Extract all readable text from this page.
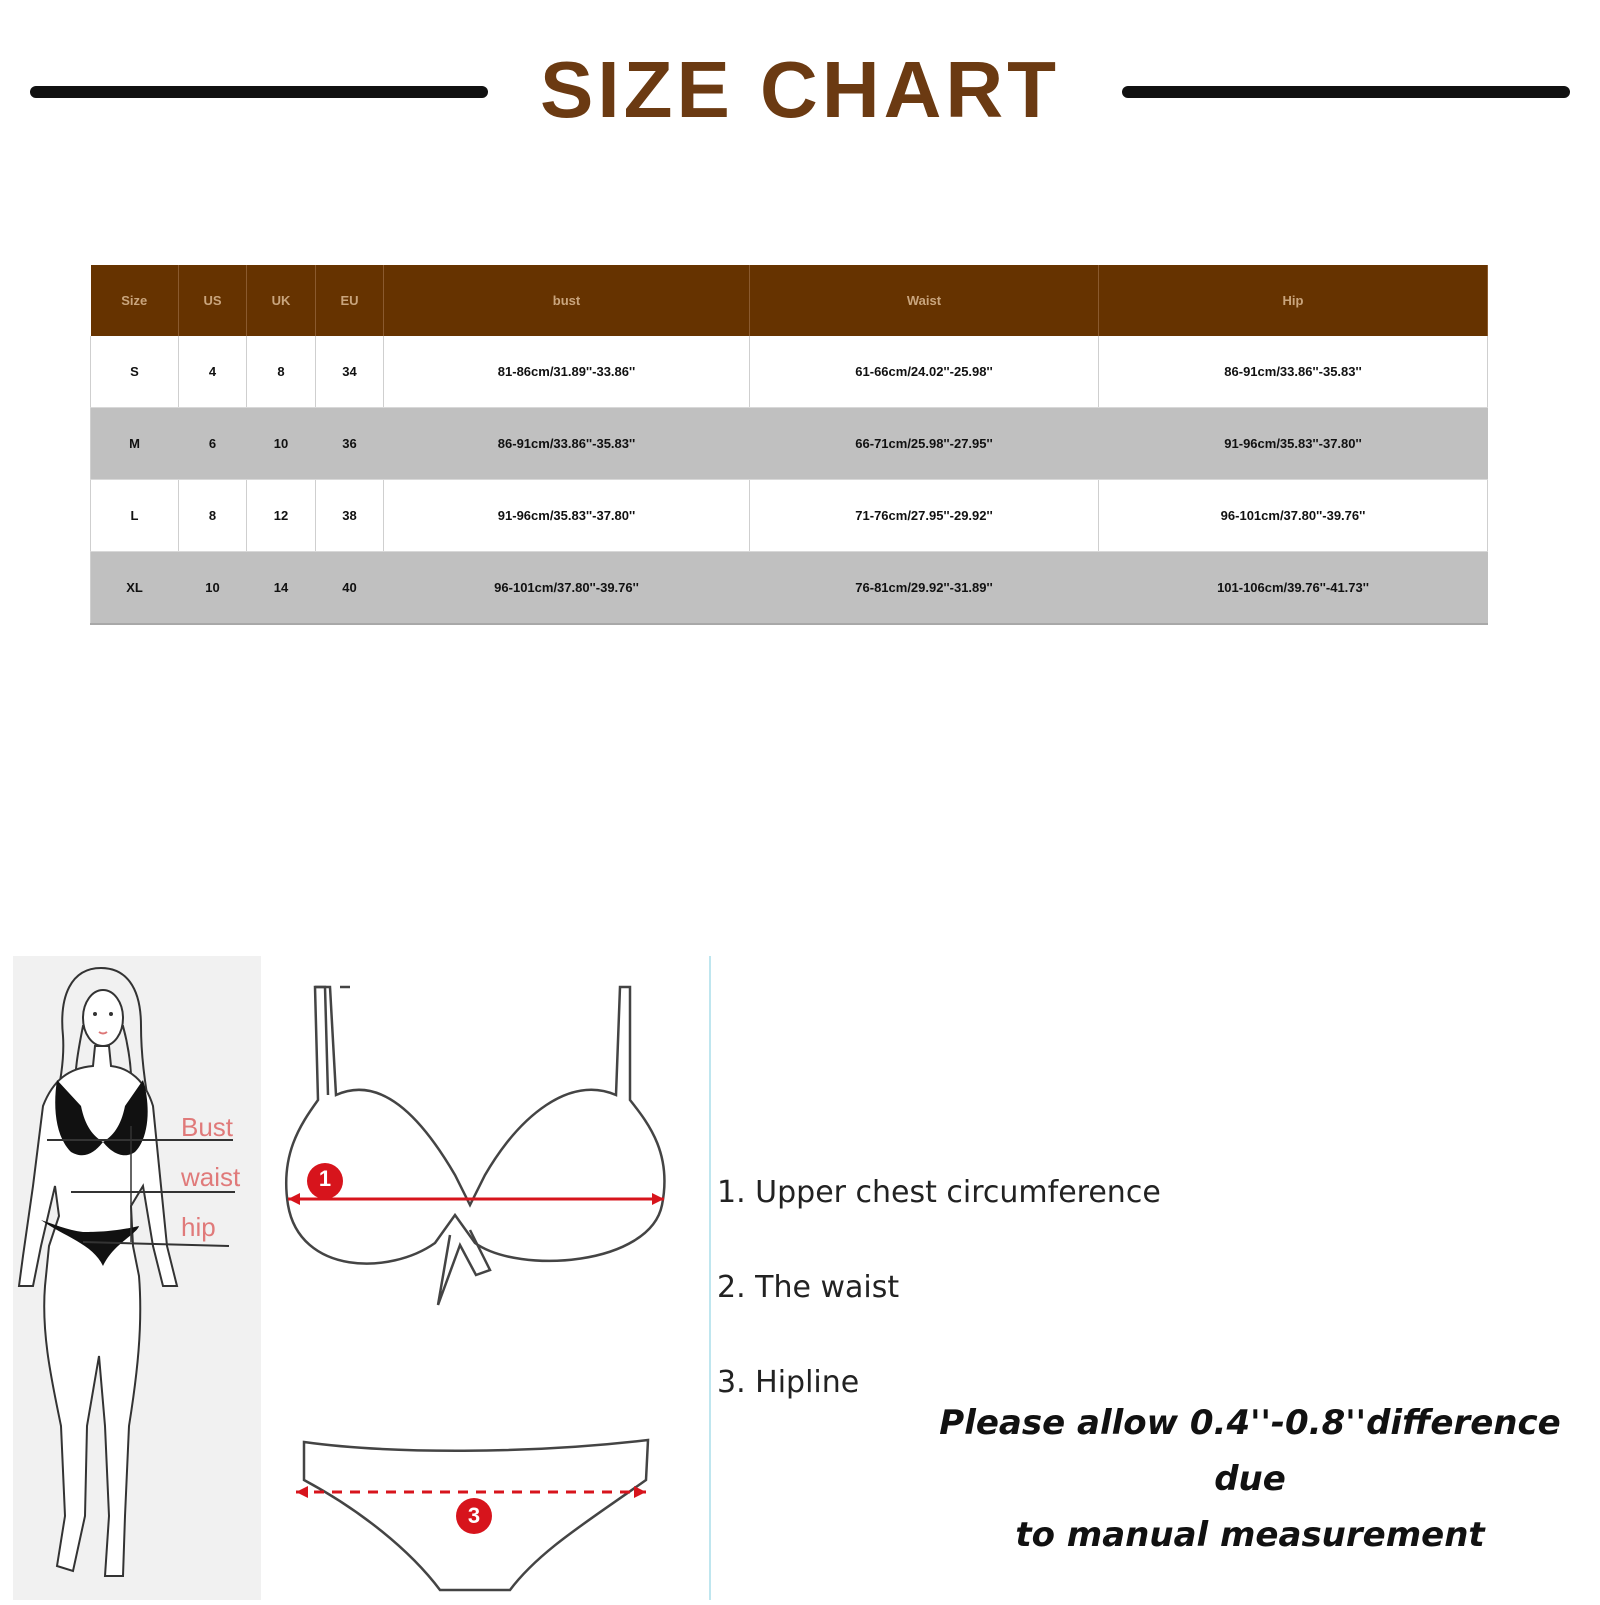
SIZE CHART
Size	US	UK	EU	bust	Waist	Hip
S	4	8	34	81-86cm/31.89''-33.86''	61-66cm/24.02''-25.98''	86-91cm/33.86''-35.83''
M	6	10	36	86-91cm/33.86''-35.83''	66-71cm/25.98''-27.95''	91-96cm/35.83''-37.80''
L	8	12	38	91-96cm/35.83''-37.80''	71-76cm/27.95''-29.92''	96-101cm/37.80''-39.76''
XL	10	14	40	96-101cm/37.80''-39.76''	76-81cm/29.92''-31.89''	101-106cm/39.76''-41.73''
Bust
waist
hip
1
3
1. Upper chest circumference
2. The waist
3. Hipline
Please allow 0.4''-0.8''difference due
to manual measurement
